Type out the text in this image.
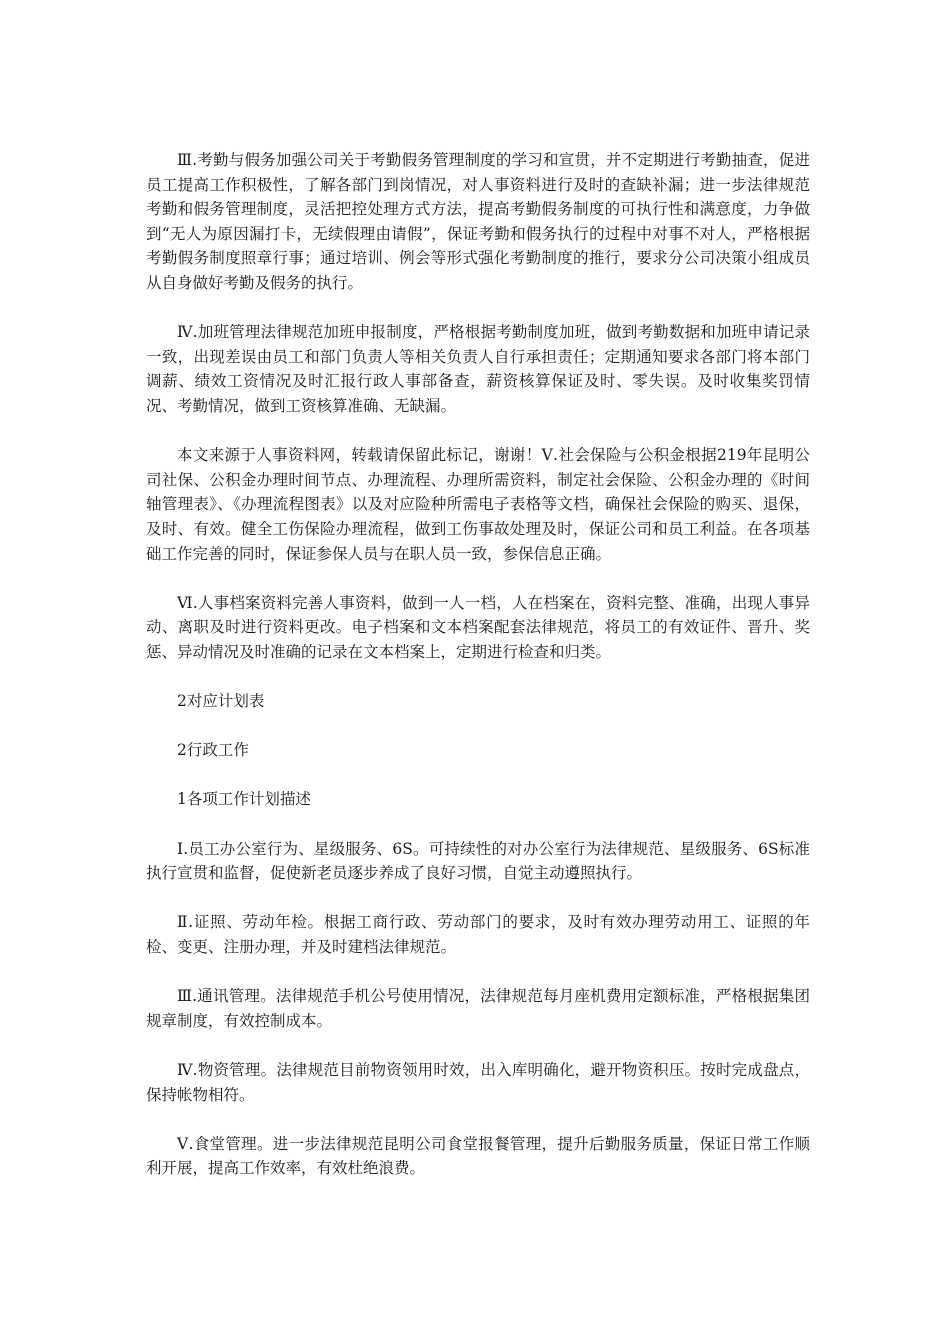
Ⅲ.考勤与假务加强公司关于考勤假务管理制度的学习和宣贯，并不定期进行考勤抽查，促进员工提高工作积极性，了解各部门到岗情况，对人事资料进行及时的查缺补漏；进一步法律规范考勤和假务管理制度，灵活把控处理方式方法，提高考勤假务制度的可执行性和满意度，力争做到“无人为原因漏打卡，无续假理由请假”，保证考勤和假务执行的过程中对事不对人，严格根据考勤假务制度照章行事；通过培训、例会等形式强化考勤制度的推行，要求分公司决策小组成员从自身做好考勤及假务的执行。

Ⅳ.加班管理法律规范加班申报制度，严格根据考勤制度加班，做到考勤数据和加班申请记录一致，出现差误由员工和部门负责人等相关负责人自行承担责任；定期通知要求各部门将本部门调薪、绩效工资情况及时汇报行政人事部备查，薪资核算保证及时、零失误。及时收集奖罚情况、考勤情况，做到工资核算准确、无缺漏。

本文来源于人事资料网，转载请保留此标记，谢谢！Ⅴ.社会保险与公积金根据219年昆明公司社保、公积金办理时间节点、办理流程、办理所需资料，制定社会保险、公积金办理的《时间轴管理表》、《办理流程图表》以及对应险种所需电子表格等文档，确保社会保险的购买、退保，及时、有效。健全工伤保险办理流程，做到工伤事故处理及时，保证公司和员工利益。在各项基础工作完善的同时，保证参保人员与在职人员一致，参保信息正确。

Ⅵ.人事档案资料完善人事资料，做到一人一档，人在档案在，资料完整、准确，出现人事异动、离职及时进行资料更改。电子档案和文本档案配套法律规范，将员工的有效证件、晋升、奖惩、异动情况及时准确的记录在文本档案上，定期进行检查和归类。

2对应计划表

2行政工作

1各项工作计划描述

Ⅰ.员工办公室行为、星级服务、6S。可持续性的对办公室行为法律规范、星级服务、6S标准执行宣贯和监督，促使新老员逐步养成了良好习惯，自觉主动遵照执行。

Ⅱ.证照、劳动年检。根据工商行政、劳动部门的要求，及时有效办理劳动用工、证照的年检、变更、注册办理，并及时建档法律规范。

Ⅲ.通讯管理。法律规范手机公号使用情况，法律规范每月座机费用定额标准，严格根据集团规章制度，有效控制成本。

Ⅳ.物资管理。法律规范目前物资领用时效，出入库明确化，避开物资积压。按时完成盘点，保持帐物相符。

Ⅴ.食堂管理。进一步法律规范昆明公司食堂报餐管理，提升后勤服务质量，保证日常工作顺利开展，提高工作效率，有效杜绝浪费。
